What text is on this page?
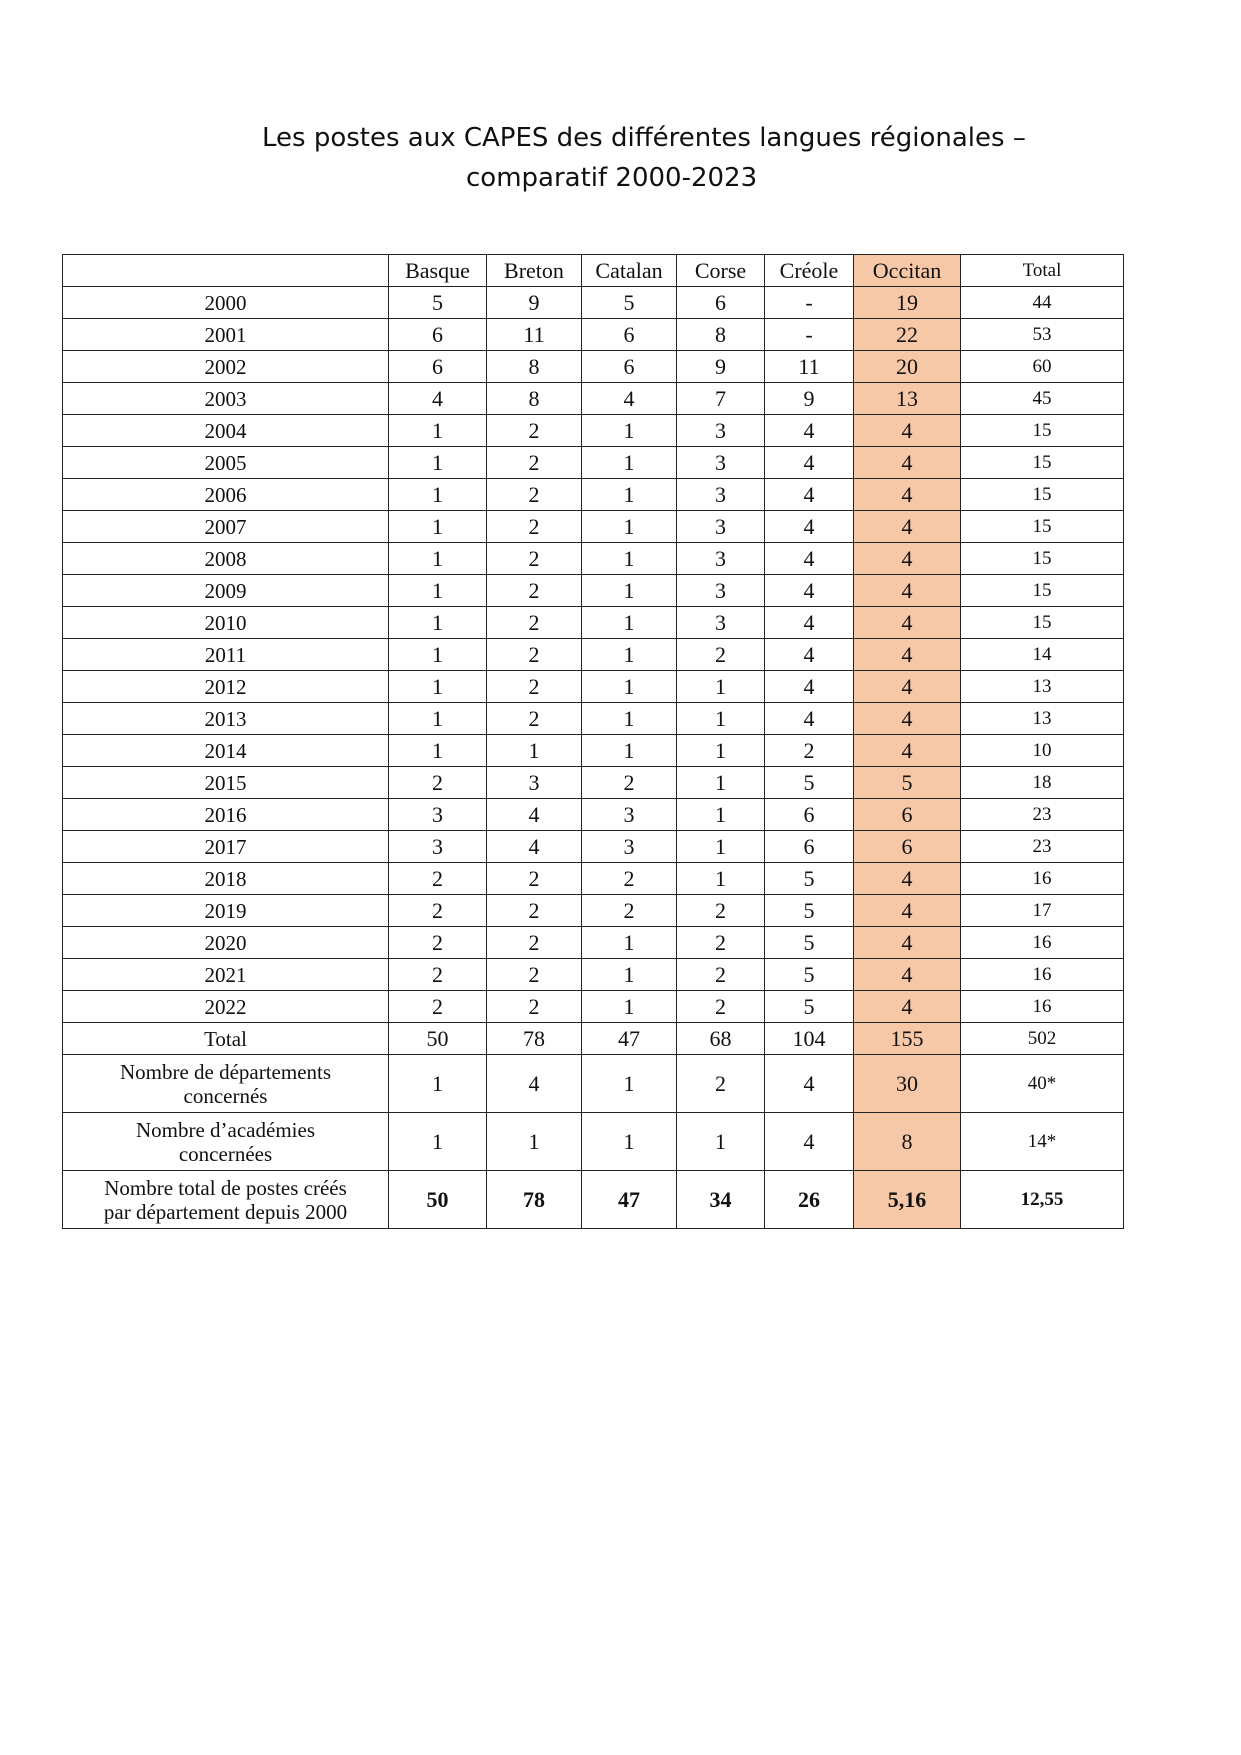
Les postes aux CAPES des différentes langues régionales –
comparatif 2000-2023
	Basque	Breton	Catalan	Corse	Créole	Occitan	Total
2000	5	9	5	6	-	19	44
2001	6	11	6	8	-	22	53
2002	6	8	6	9	11	20	60
2003	4	8	4	7	9	13	45
2004	1	2	1	3	4	4	15
2005	1	2	1	3	4	4	15
2006	1	2	1	3	4	4	15
2007	1	2	1	3	4	4	15
2008	1	2	1	3	4	4	15
2009	1	2	1	3	4	4	15
2010	1	2	1	3	4	4	15
2011	1	2	1	2	4	4	14
2012	1	2	1	1	4	4	13
2013	1	2	1	1	4	4	13
2014	1	1	1	1	2	4	10
2015	2	3	2	1	5	5	18
2016	3	4	3	1	6	6	23
2017	3	4	3	1	6	6	23
2018	2	2	2	1	5	4	16
2019	2	2	2	2	5	4	17
2020	2	2	1	2	5	4	16
2021	2	2	1	2	5	4	16
2022	2	2	1	2	5	4	16
Total	50	78	47	68	104	155	502
Nombre de départements
concernés	1	4	1	2	4	30	40*
Nombre d’académies
concernées	1	1	1	1	4	8	14*
Nombre total de postes créés
par département depuis 2000	50	78	47	34	26	5,16	12,55
